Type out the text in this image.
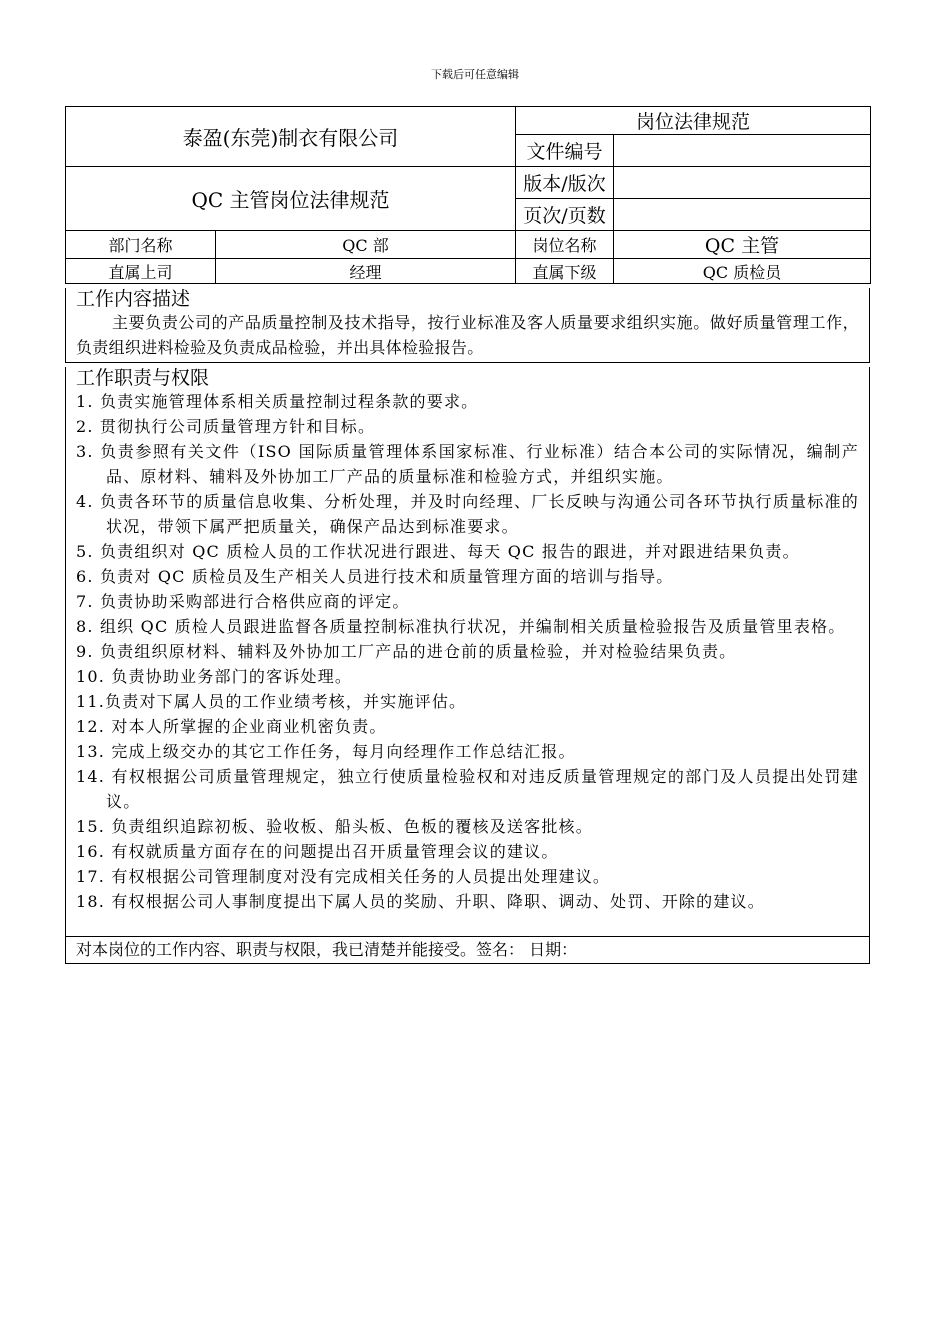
下载后可任意编辑
泰盈(东莞)制衣有限公司		岗位法律规范	
		文件编号	
QC 主管岗位法律规范		版本/版次	
		页次/页数	
部门名称	QC 部	岗位名称	QC 主管
直属上司	经理	直属下级	QC 质检员
工作内容描述
主要负责公司的产品质量控制及技术指导，按行业标准及客人质量要求组织实施。做好质量管理工作，负责组织进料检验及负责成品检验，并出具体检验报告。
工作职责与权限
1. 负责实施管理体系相关质量控制过程条款的要求。
2. 贯彻执行公司质量管理方针和目标。
3. 负责参照有关文件（ISO 国际质量管理体系国家标准、行业标准）结合本公司的实际情况，编制产品、原材料、辅料及外协加工厂产品的质量标准和检验方式，并组织实施。
4. 负责各环节的质量信息收集、分析处理，并及时向经理、厂长反映与沟通公司各环节执行质量标准的状况，带领下属严把质量关，确保产品达到标准要求。
5. 负责组织对 QC 质检人员的工作状况进行跟进、每天 QC 报告的跟进，并对跟进结果负责。
6. 负责对 QC 质检员及生产相关人员进行技术和质量管理方面的培训与指导。
7. 负责协助采购部进行合格供应商的评定。
8. 组织 QC 质检人员跟进监督各质量控制标准执行状况，并编制相关质量检验报告及质量管里表格。
9. 负责组织原材料、辅料及外协加工厂产品的进仓前的质量检验，并对检验结果负责。
10. 负责协助业务部门的客诉处理。
11.负责对下属人员的工作业绩考核，并实施评估。
12. 对本人所掌握的企业商业机密负责。
13. 完成上级交办的其它工作任务，每月向经理作工作总结汇报。
14. 有权根据公司质量管理规定，独立行使质量检验权和对违反质量管理规定的部门及人员提出处罚建议。
15. 负责组织追踪初板、验收板、船头板、色板的覆核及送客批核。
16. 有权就质量方面存在的问题提出召开质量管理会议的建议。
17. 有权根据公司管理制度对没有完成相关任务的人员提出处理建议。
18. 有权根据公司人事制度提出下属人员的奖励、升职、降职、调动、处罚、开除的建议。
对本岗位的工作内容、职责与权限，我已清楚并能接受。签名： 日期：
